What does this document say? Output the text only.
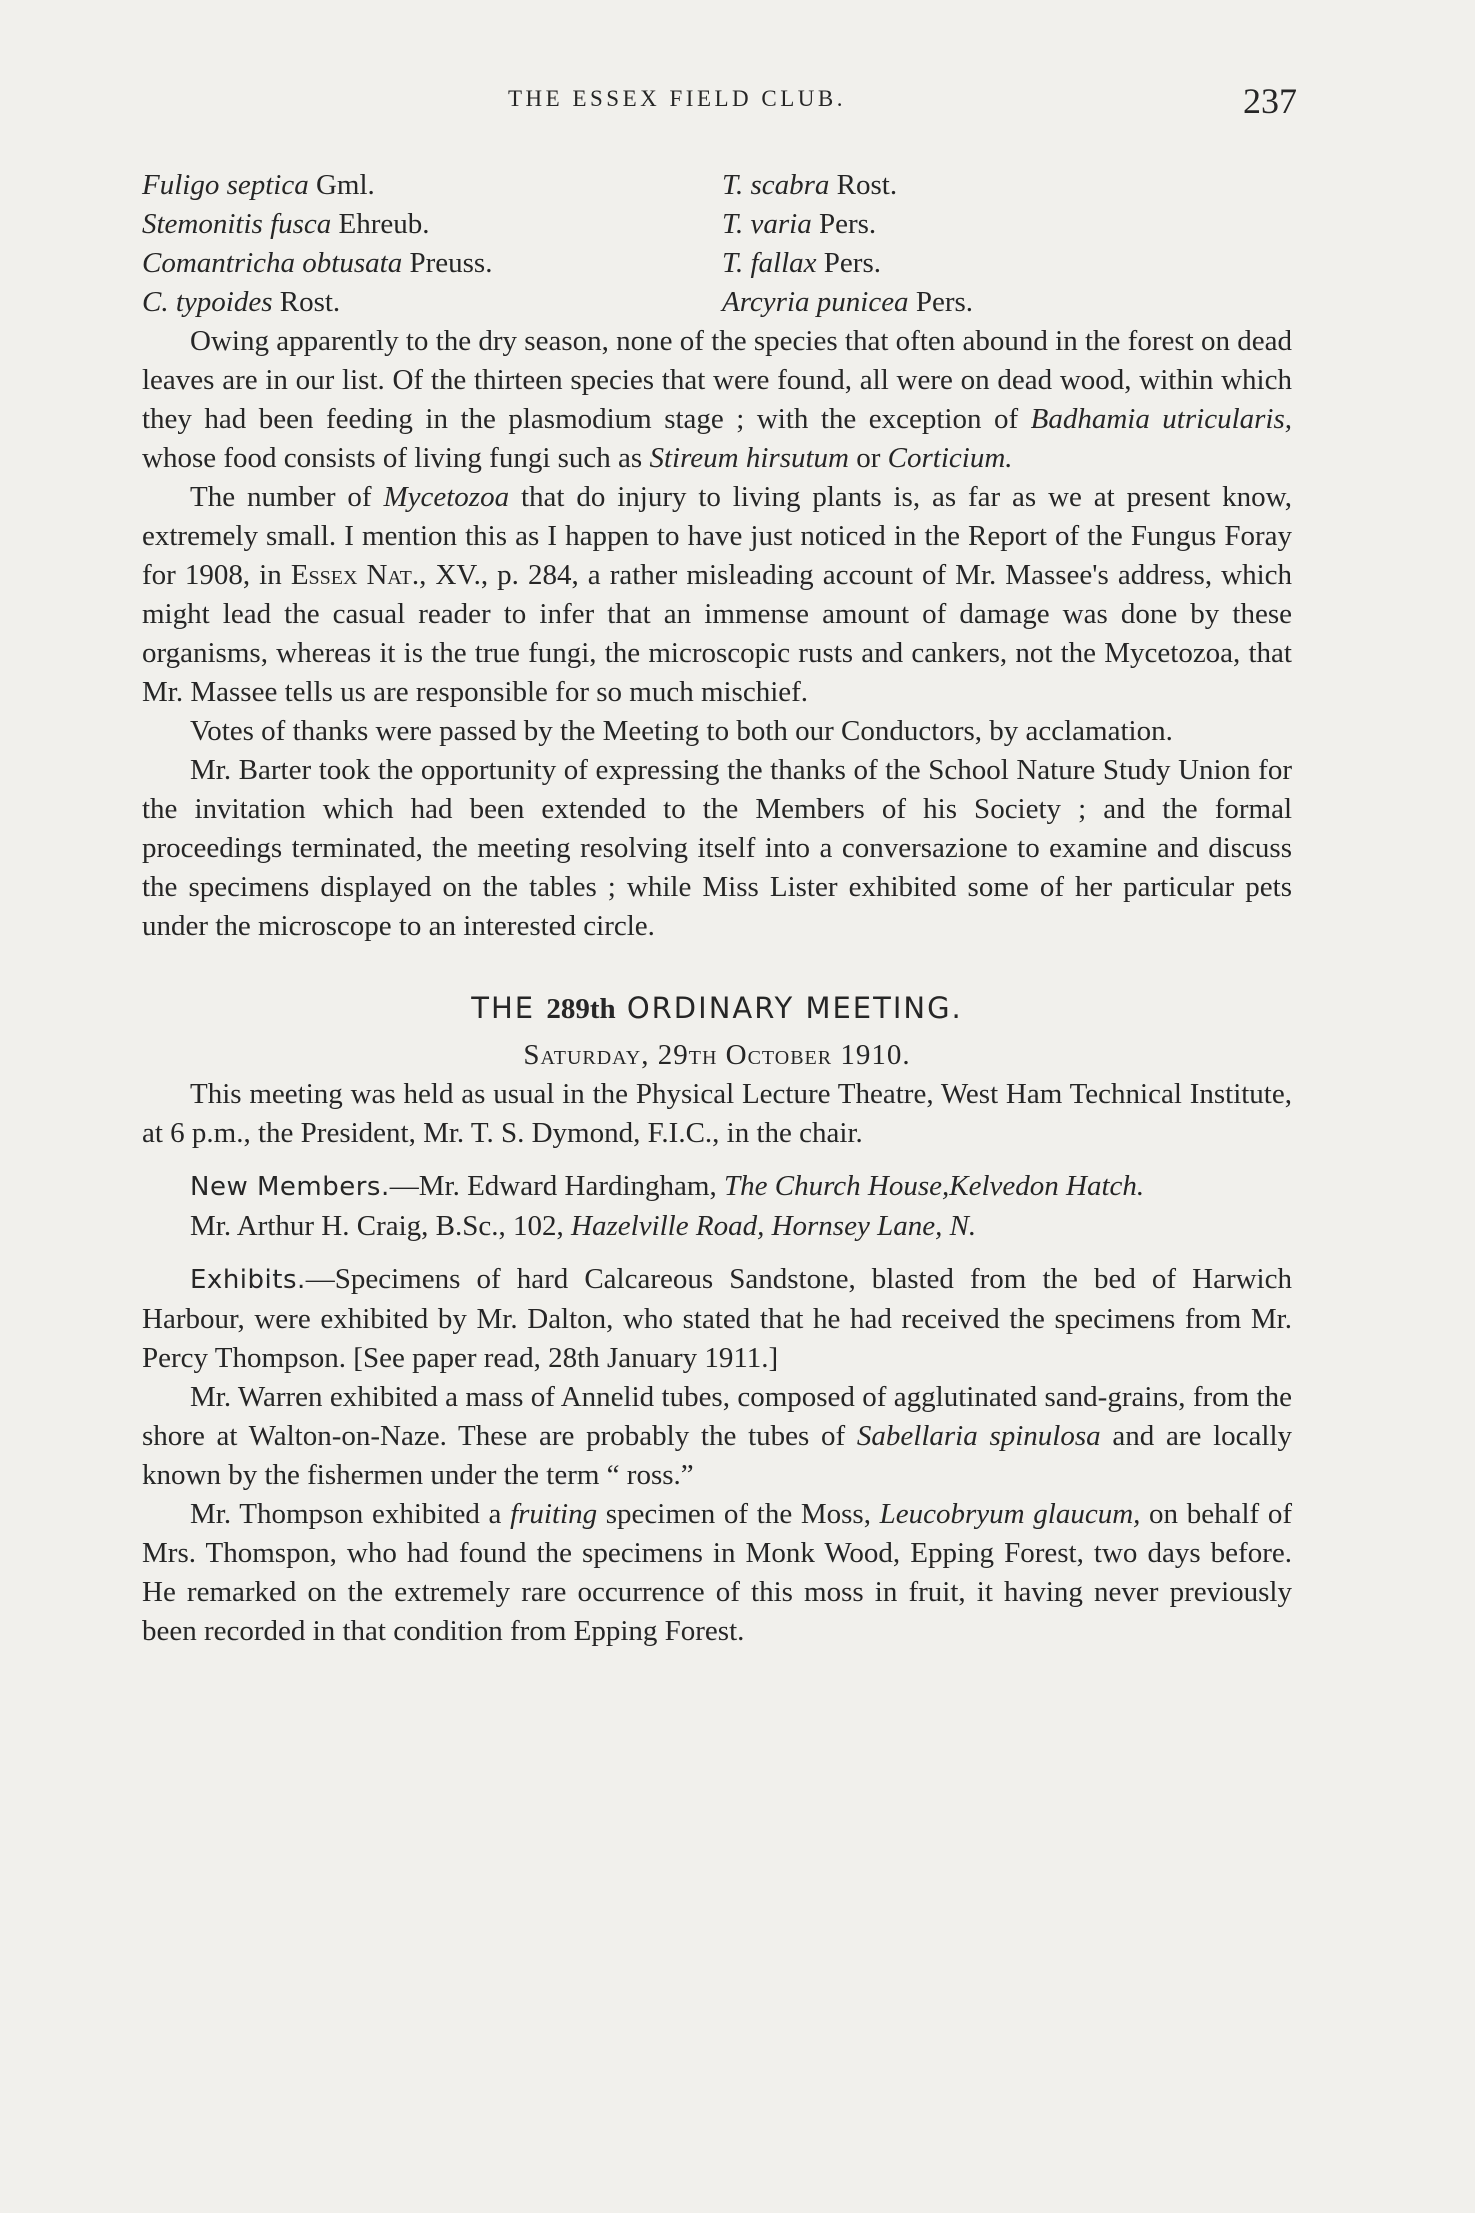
THE ESSEX FIELD CLUB.	237
Fuligo septica Gml.	T. scabra Rost.
Stemonitis fusca Ehreub.	T. varia Pers.
Comantricha obtusata Preuss.	T. fallax Pers.
C. typoides Rost.	Arcyria punicea Pers.

Owing apparently to the dry season, none of the species that often abound in the forest on dead leaves are in our list. Of the thirteen species that were found, all were on dead wood, within which they had been feeding in the plasmodium stage ; with the exception of Badhamia utricularis, whose food consists of living fungi such as Stireum hirsutum or Corticium.

The number of Mycetozoa that do injury to living plants is, as far as we at present know, extremely small. I mention this as I happen to have just noticed in the Report of the Fungus Foray for 1908, in Essex Nat., XV., p. 284, a rather misleading account of Mr. Massee's address, which might lead the casual reader to infer that an immense amount of damage was done by these organisms, whereas it is the true fungi, the microscopic rusts and cankers, not the Mycetozoa, that Mr. Massee tells us are responsible for so much mischief.

Votes of thanks were passed by the Meeting to both our Conductors, by acclamation.

Mr. Barter took the opportunity of expressing the thanks of the School Nature Study Union for the invitation which had been extended to the Members of his Society ; and the formal proceedings terminated, the meeting resolving itself into a conversazione to examine and discuss the specimens displayed on the tables ; while Miss Lister exhibited some of her particular pets under the microscope to an interested circle.

THE 289th ORDINARY MEETING.
Saturday, 29th October 1910.

This meeting was held as usual in the Physical Lecture Theatre, West Ham Technical Institute, at 6 p.m., the President, Mr. T. S. Dymond, F.I.C., in the chair.

New Members.—Mr. Edward Hardingham, The Church House,Kelvedon Hatch.

Mr. Arthur H. Craig, B.Sc., 102, Hazelville Road, Hornsey Lane, N.

Exhibits.—Specimens of hard Calcareous Sandstone, blasted from the bed of Harwich Harbour, were exhibited by Mr. Dalton, who stated that he had received the specimens from Mr. Percy Thompson. [See paper read, 28th January 1911.]

Mr. Warren exhibited a mass of Annelid tubes, composed of agglutinated sand-grains, from the shore at Walton-on-Naze. These are probably the tubes of Sabellaria spinulosa and are locally known by the fishermen under the term “ ross.”

Mr. Thompson exhibited a fruiting specimen of the Moss, Leucobryum glaucum, on behalf of Mrs. Thomspon, who had found the specimens in Monk Wood, Epping Forest, two days before. He remarked on the extremely rare occurrence of this moss in fruit, it having never previously been recorded in that condition from Epping Forest.
